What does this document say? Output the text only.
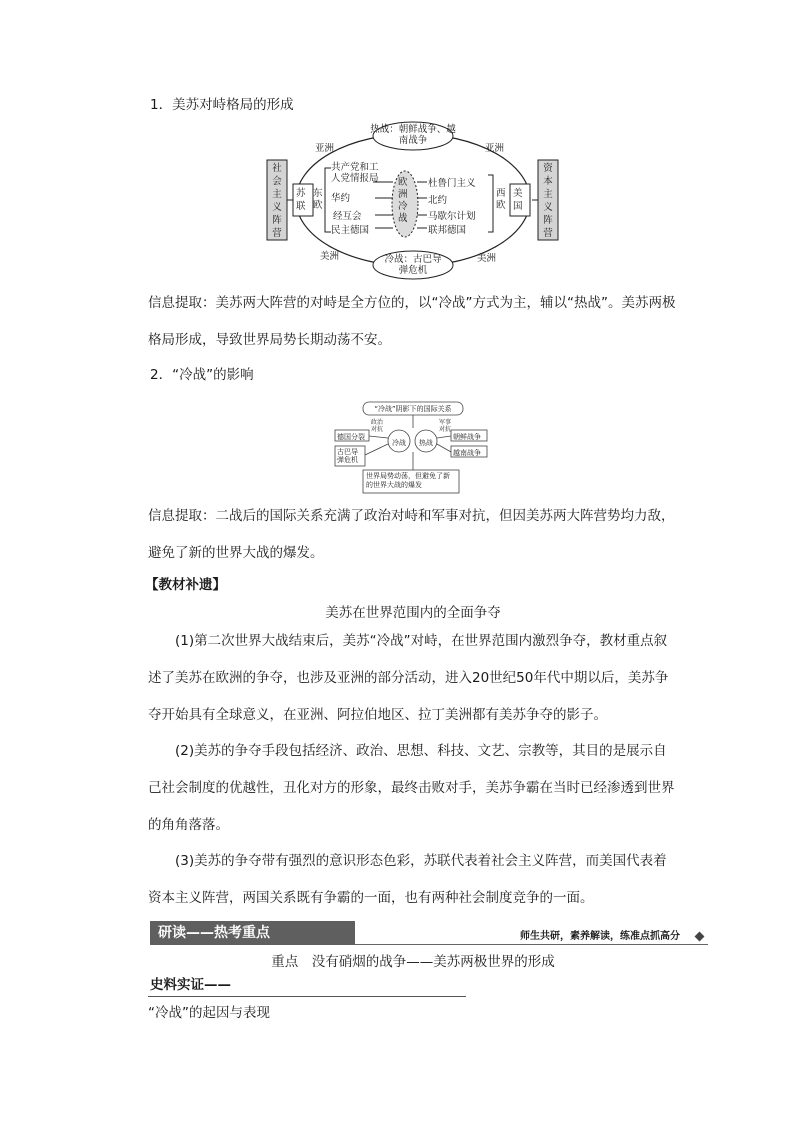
1．美苏对峙格局的形成
热战：朝鲜战争、越南战争
冷战：古巴导弹危机
社会主义阵营
资本主义阵营
苏联
美国
东欧
西欧
欧洲冷战
亚洲	亚洲
美洲	美洲
共产党和工人党情报局
华约
经互会
民主德国
杜鲁门主义
北约
马歇尔计划
联邦德国
信息提取：美苏两大阵营的对峙是全方位的，以“冷战”方式为主，辅以“热战”。美苏两极格局形成，导致世界局势长期动荡不安。
2．“冷战”的影响
“冷战”阴影下的国际关系
冷战 热战
德国分裂
古巴导弹危机
朝鲜战争
越南战争
世界局势动荡，但避免了新的世界大战的爆发
政治对抗
军事对抗
信息提取：二战后的国际关系充满了政治对峙和军事对抗，但因美苏两大阵营势均力敌，避免了新的世界大战的爆发。
【教材补遗】
美苏在世界范围内的全面争夺
(1)第二次世界大战结束后，美苏“冷战”对峙，在世界范围内激烈争夺，教材重点叙述了美苏在欧洲的争夺，也涉及亚洲的部分活动，进入20世纪50年代中期以后，美苏争夺开始具有全球意义，在亚洲、阿拉伯地区、拉丁美洲都有美苏争夺的影子。
(2)美苏的争夺手段包括经济、政治、思想、科技、文艺、宗教等，其目的是展示自己社会制度的优越性，丑化对方的形象，最终击败对手，美苏争霸在当时已经渗透到世界的角角落落。
(3)美苏的争夺带有强烈的意识形态色彩，苏联代表着社会主义阵营，而美国代表着资本主义阵营，两国关系既有争霸的一面，也有两种社会制度竞争的一面。
研读——热考重点	师生共研，素养解读，练准点抓高分
重点　没有硝烟的战争——美苏两极世界的形成
史料实证——
“冷战”的起因与表现
